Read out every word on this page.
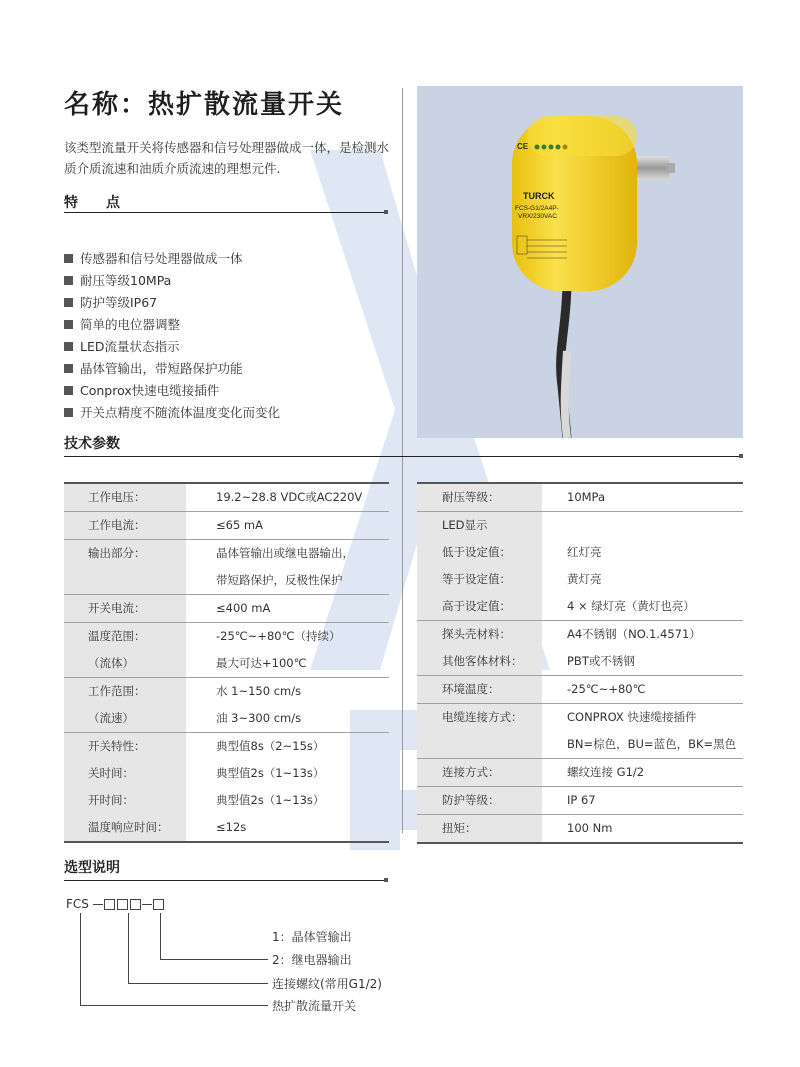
名称：热扩散流量开关
该类型流量开关将传感器和信号处理器做成一体，是检测水质介质流速和油质介质流速的理想元件.
特　　点
传感器和信号处理器做成一体
耐压等级10MPa
防护等级IP67
简单的电位器调整
LED流量状态指示
晶体管输出，带短路保护功能
Conprox快速电缆接插件
开关点精度不随流体温度变化而变化
CE
TURCK
FCS-G1/2A4P-
VRX/230VAC
技术参数
工作电压：	19.2~28.8 VDC或AC220V

工作电流：	≤65 mA

输出部分：	晶体管输出或继电器输出，

	带短路保护，反极性保护

开关电流：	≤400 mA

温度范围：	-25℃~+80℃（持续）

（流体）	最大可达+100℃

工作范围：	水 1~150 cm/s

（流速）	油 3~300 cm/s

开关特性：	典型值8s（2~15s）

关时间：	典型值2s（1~13s）

开时间：	典型值2s（1~13s）

温度响应时间：	≤12s
耐压等级：	10MPa

LED显示	

低于设定值：	红灯亮

等于设定值：	黄灯亮

高于设定值：	4 × 绿灯亮（黄灯也亮）

探头壳材料：	A4不锈钢（NO.1.4571）

其他客体材料：	PBT或不锈钢

环境温度：	-25℃~+80℃

电缆连接方式：	CONPROX 快速缆接插件

	BN=棕色，BU=蓝色，BK=黑色

连接方式：	螺纹连接 G1/2

防护等级：	IP 67

扭矩：	100 Nm
选型说明
FCS
1：晶体管输出
2：继电器输出
连接螺纹(常用G1/2)
热扩散流量开关
